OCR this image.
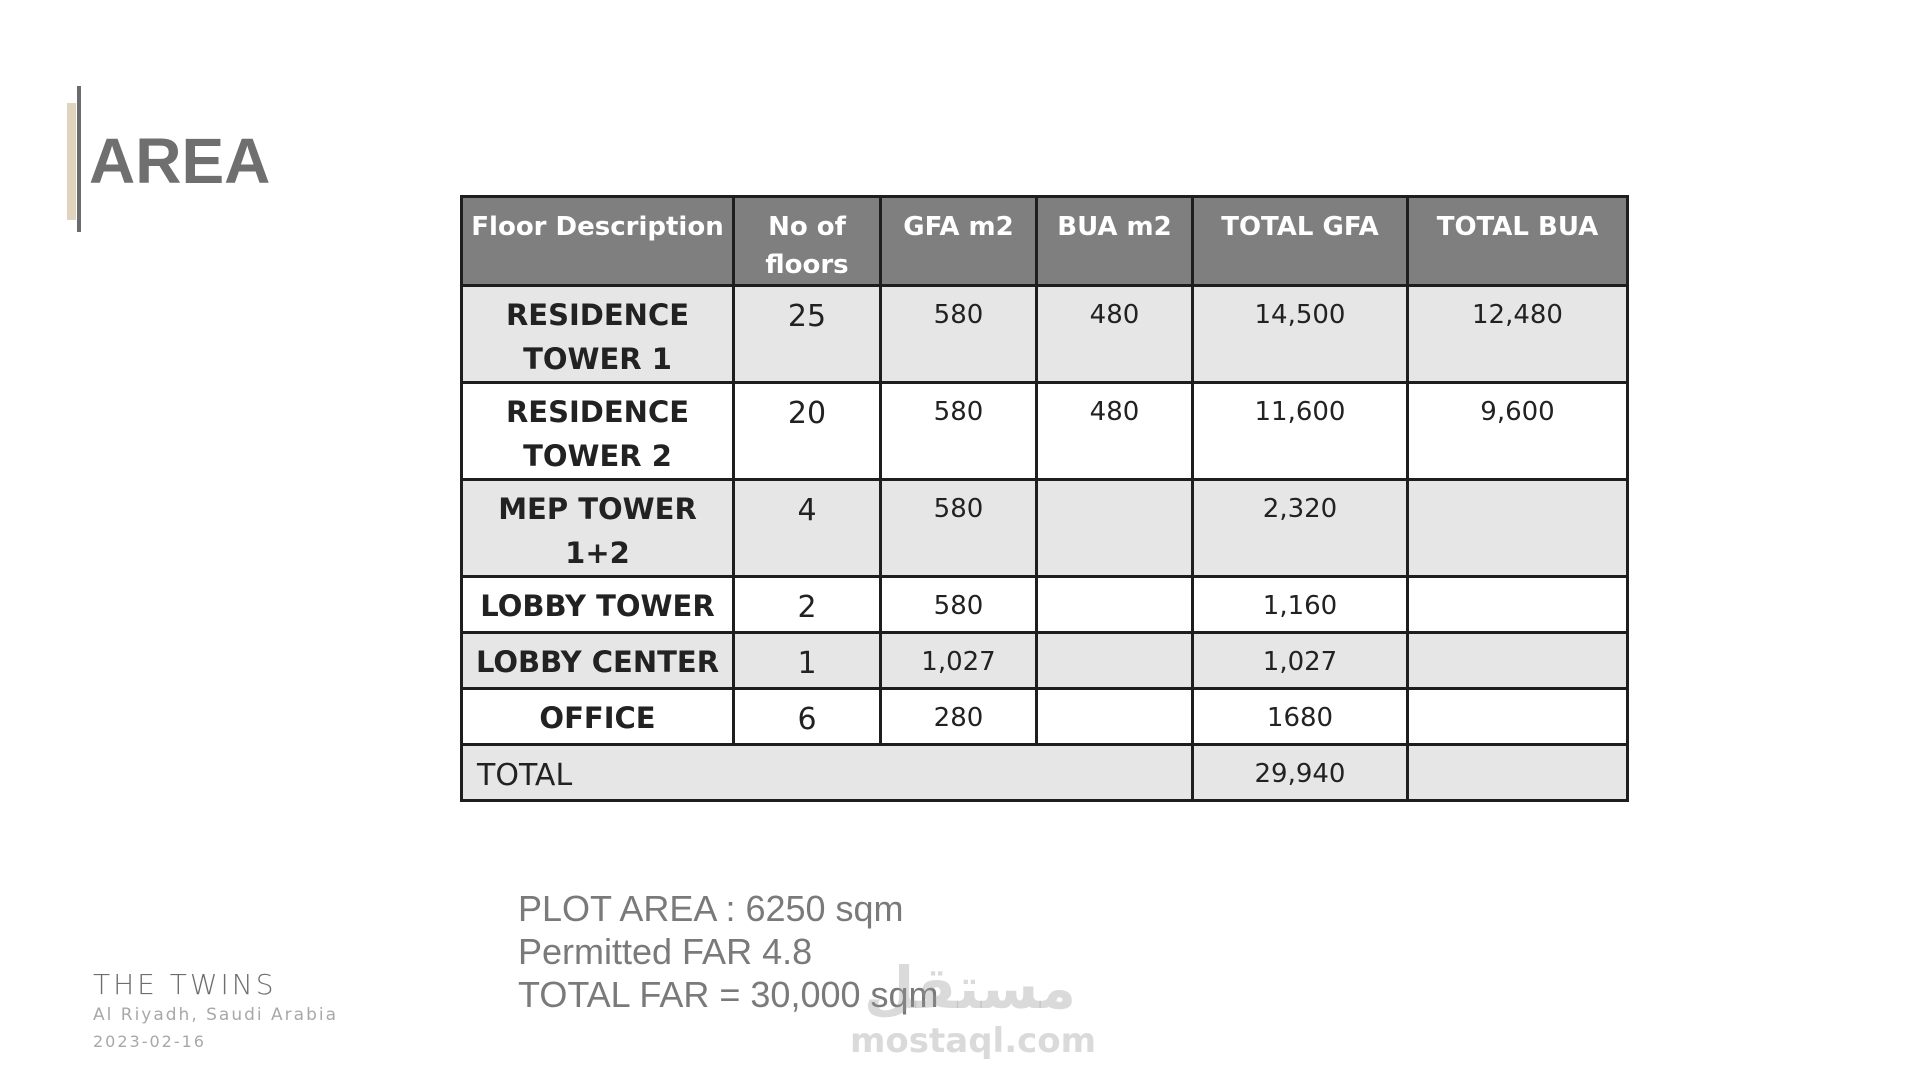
AREA
Floor Description	No of floors	GFA m2	BUA m2	TOTAL GFA	TOTAL BUA
RESIDENCE TOWER 1	25	580	480	14,500	12,480
RESIDENCE TOWER 2	20	580	480	11,600	9,600
MEP TOWER 1+2	4	580		2,320	
LOBBY TOWER	2	580		1,160	
LOBBY CENTER	1	1,027		1,027	
OFFICE	6	280		1680	
TOTAL				29,940	
PLOT AREA : 6250 sqm
Permitted FAR 4.8
TOTAL FAR = 30,000 sqm
THE TWINS
Al Riyadh, Saudi Arabia
2023-02-16
مستقل
mostaql.com
